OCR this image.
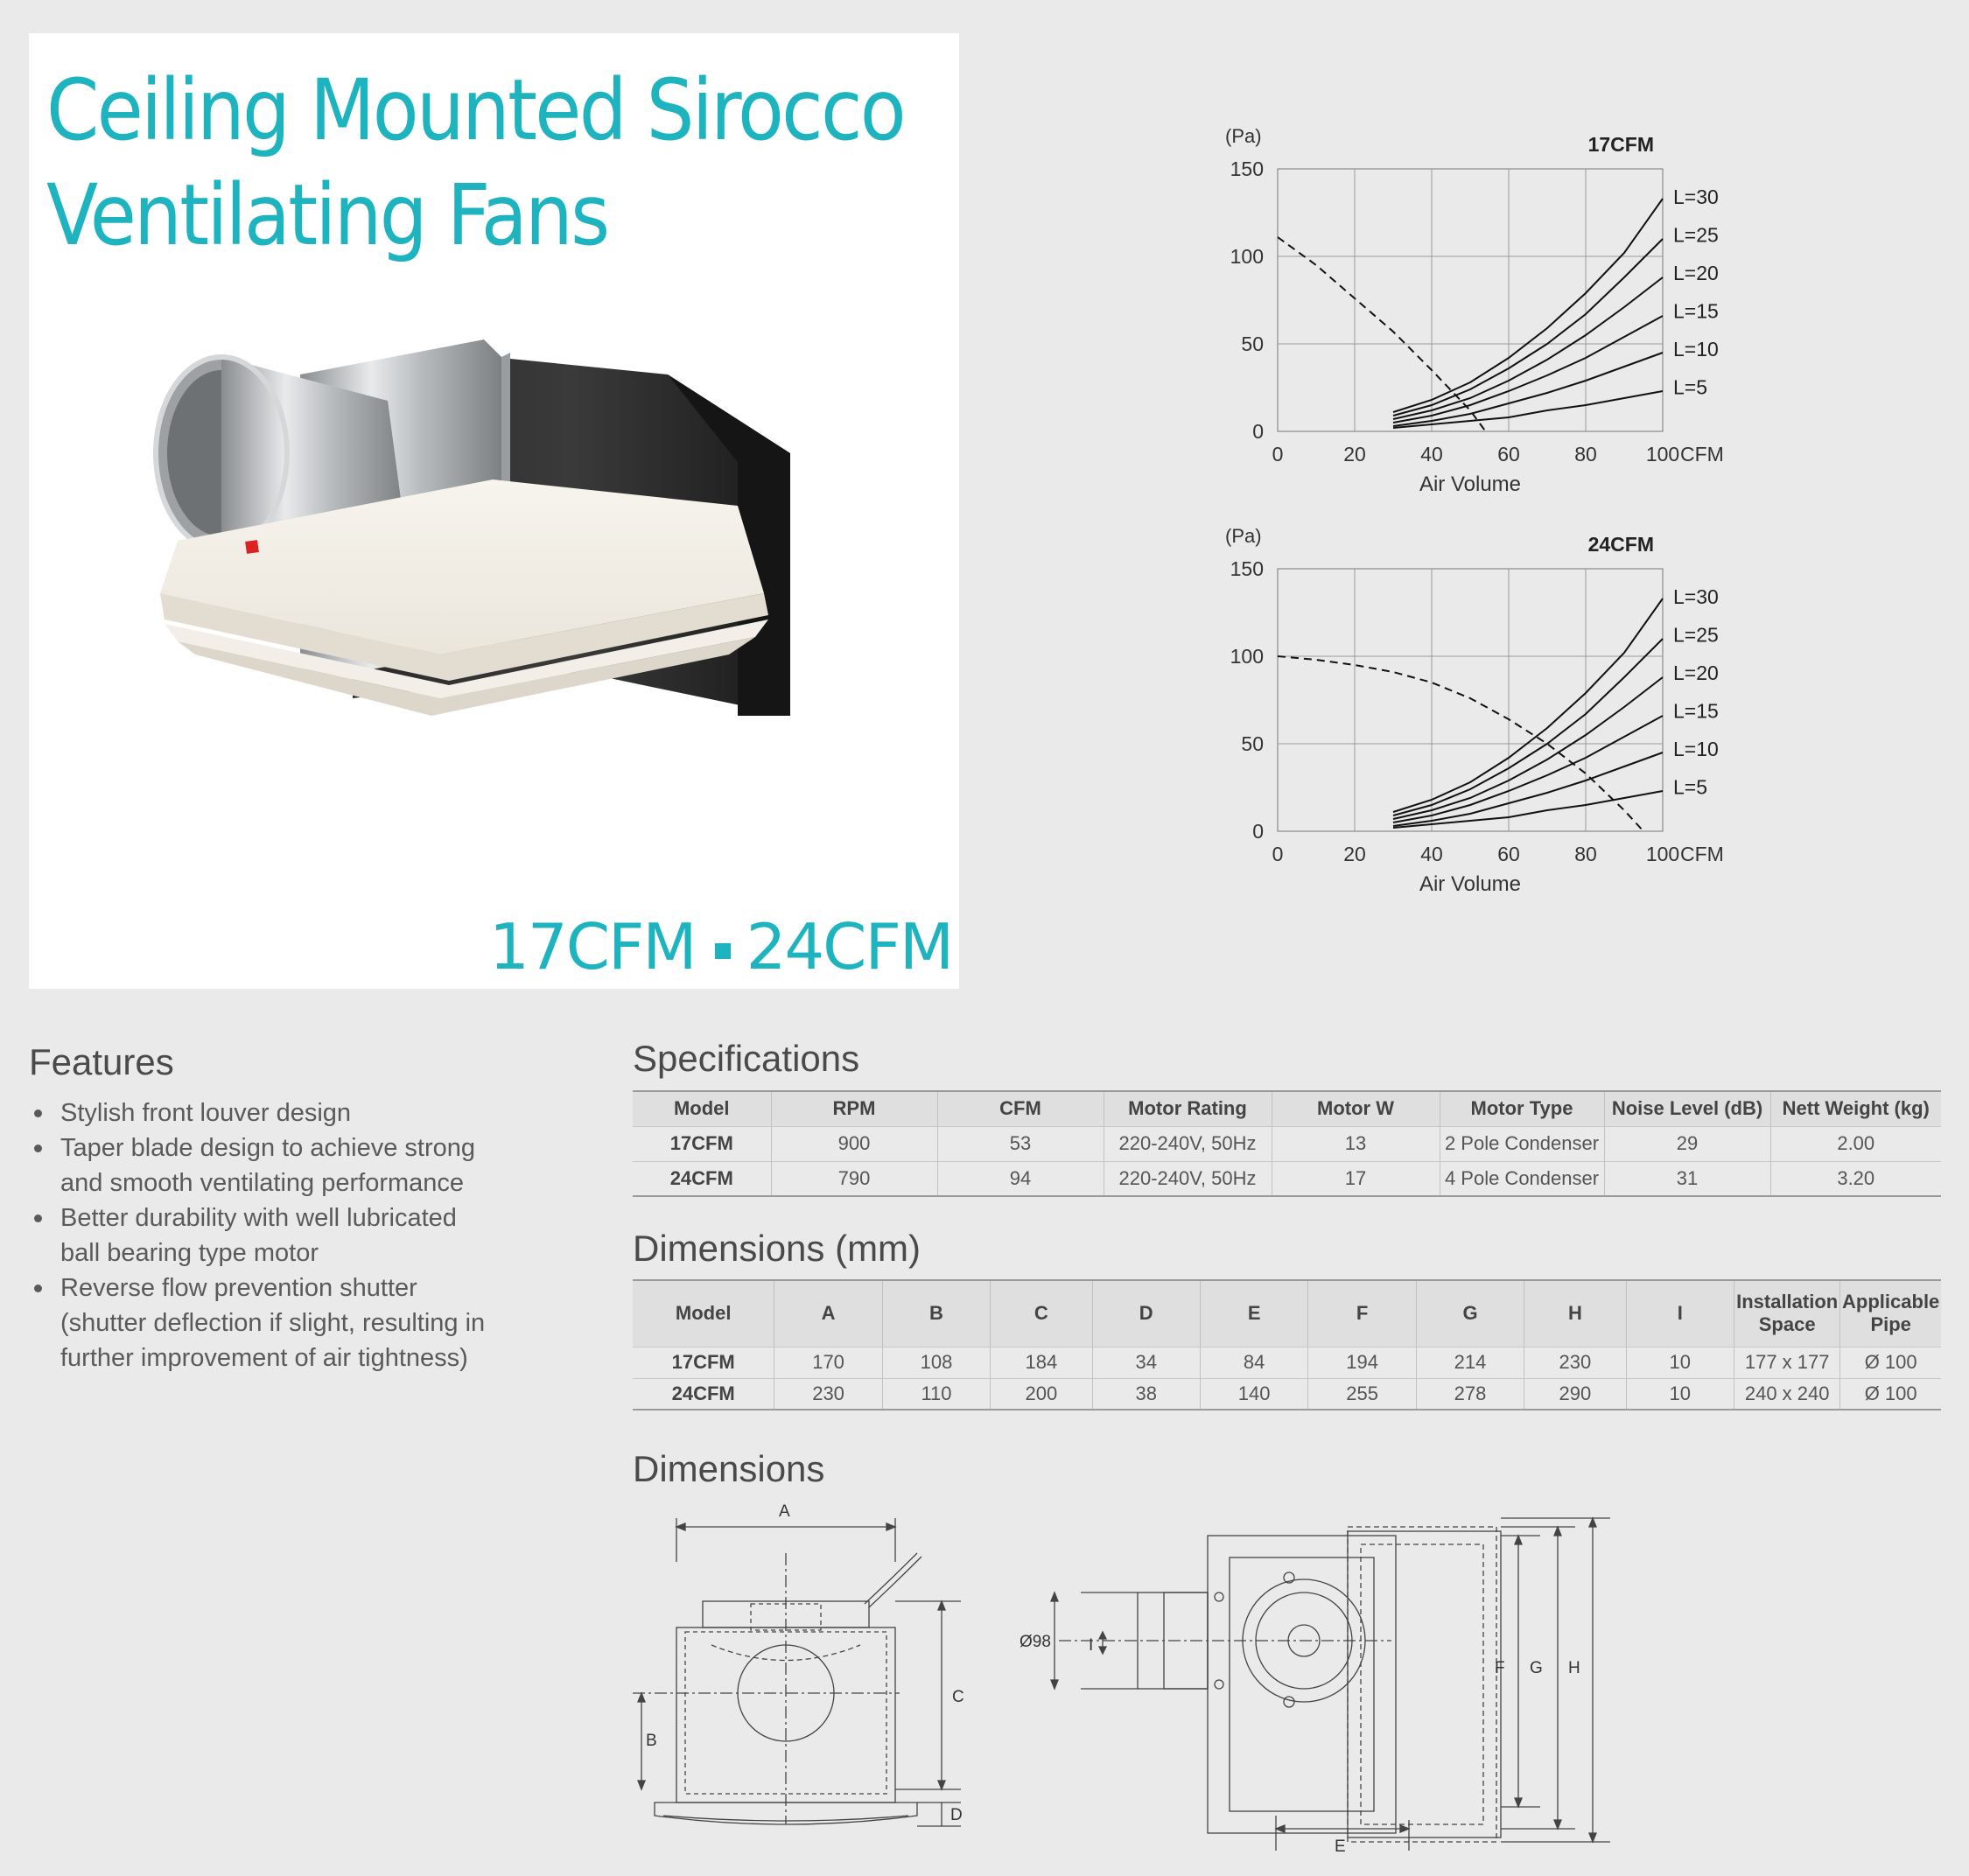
Ceiling Mounted Sirocco
Ventilating Fans
17CFM 24CFM
0
50
100
150
0	20	40	60	80 100
(Pa)
CFM
Air Volume
17CFM
L=30
L=25
L=20
L=15
L=10
L=5
0
50
100
150
0	20	40	60	80 100
(Pa)
CFM
Air Volume
24CFM
L=30
L=25
L=20
L=15
L=10
L=5
Features
Stylish front louver design
Taper blade design to achieve strong
and smooth ventilating performance
Better durability with well lubricated
ball bearing type motor
Reverse flow prevention shutter
(shutter deflection if slight, resulting in
further improvement of air tightness)
Specifications
Model	RPM	CFM	Motor Rating	Motor W	Motor Type	Noise Level (dB)	Nett Weight (kg)
17CFM	900	53	220-240V, 50Hz	13	2 Pole Condenser	29	2.00
24CFM	790	94	220-240V, 50Hz	17	4 Pole Condenser	31	3.20
Dimensions (mm)
Model	A	B	C	D	E	F	G	H	I	Installation Space	Applicable Pipe
17CFM	170	108	184	34	84	194	214	230	10	177 x 177	Ø 100
24CFM	230	110	200	38	140	255	278	290	10	240 x 240	Ø 100
Dimensions
A
C
D
B
Ø98 I
F G H
E
